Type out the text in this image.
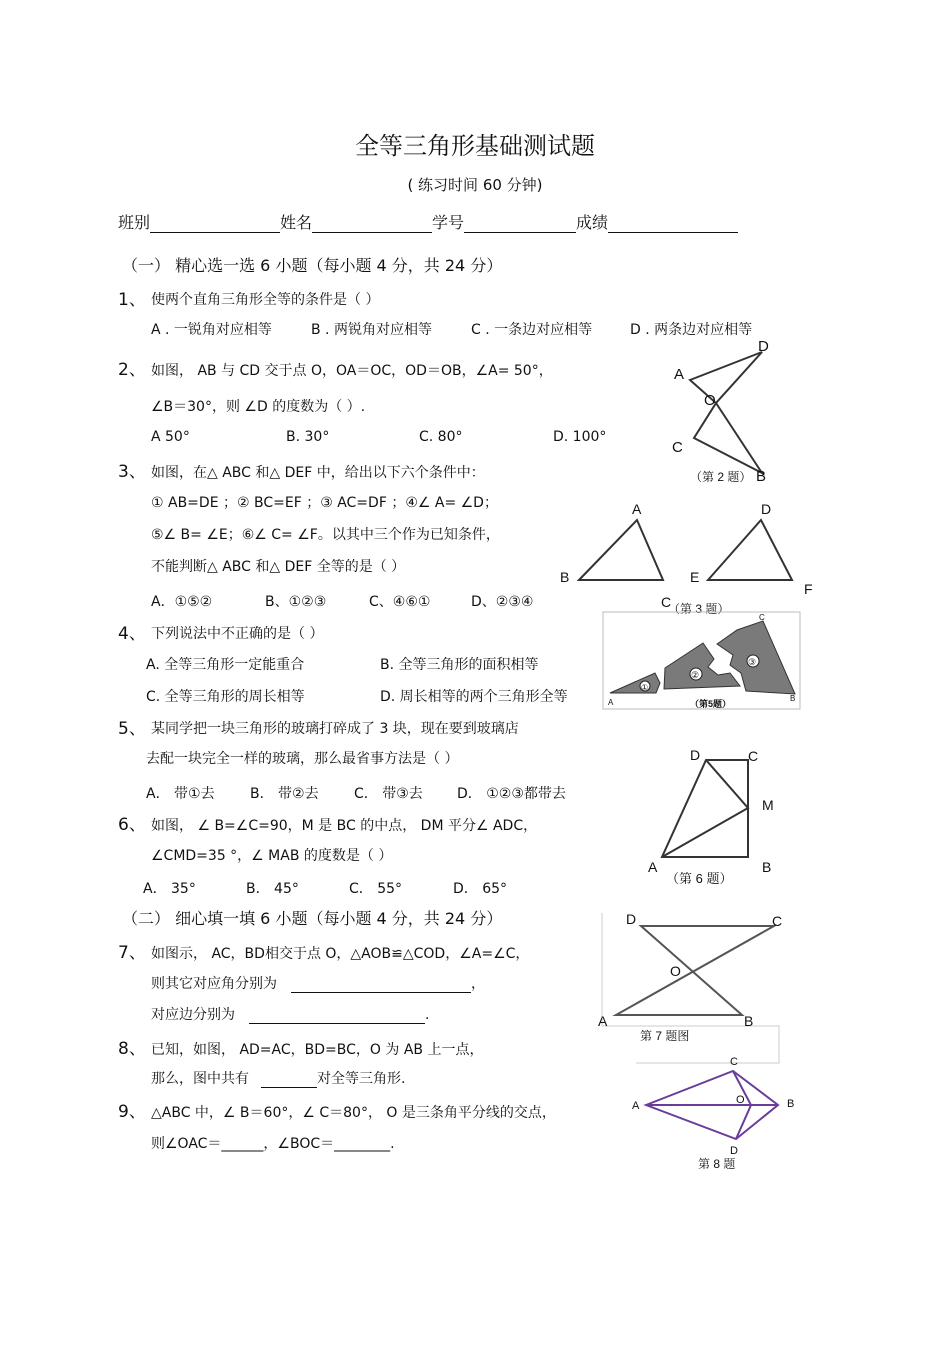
全等三角形基础测试题
( 练习时间 60 分钟)
班别	姓名	学号	成绩
（一） 精心选一选 6 小题（每小题 4 分，共 24 分）
1、 使两个直角三角形全等的条件是（ ）
A . 一锐角对应相等	B . 两锐角对应相等	C . 一条边对应相等	D . 两条边对应相等
2、 如图， AB 与 CD 交于点 O，OA＝OC，OD＝OB，∠A= 50°，
∠B＝30°，则 ∠D 的度数为（ ）.
A 50°	B. 30°	C. 80°	D. 100°
3、 如图，在△ ABC 和△ DEF 中，给出以下六个条件中：
① AB=DE ；② BC=EF ；③ AC=DF ；④∠ A= ∠D；
⑤∠ B= ∠E；⑥∠ C= ∠F。以其中三个作为已知条件，
不能判断△ ABC 和△ DEF 全等的是（ ）
A．①⑤②	B、①②③	C、④⑥①	D、②③④
4、 下列说法中不正确的是（ ）
A. 全等三角形一定能重合	B. 全等三角形的面积相等
C. 全等三角形的周长相等	D. 周长相等的两个三角形全等
5、 某同学把一块三角形的玻璃打碎成了 3 块，现在要到玻璃店
去配一块完全一样的玻璃，那么最省事方法是（ ）
A． 带①去	B． 带②去	C． 带③去 D． ①②③都带去
6、 如图， ∠ B=∠C=90，M 是 BC 的中点， DM 平分∠ ADC，
∠CMD=35 °，∠ MAB 的度数是（ ）
A． 35°	B． 45°	C． 55°	D． 65°
（二） 细心填一填 6 小题（每小题 4 分，共 24 分）
7、 如图示， AC，BD相交于点 O，△AOB≌△COD，∠A=∠C，
则其它对应角分别为	，
对应边分别为	.
8、 已知，如图， AD=AC，BD=BC，O 为 AB 上一点，
那么，图中共有	对全等三角形.
9、 △ABC 中，∠ B＝60°，∠ C＝80°， O 是三条角平分线的交点，
则∠OAC＝______，∠BOC＝________.
A
D
O
C
B
（第 2 题）
A
B
C
D
E
F
（第 3 题）
①
②
③
A
C
B
（第5题）
D	C
M
A	B
（第 6 题）
D	C
O
A	B
第 7 题图
C
A	O	B
D
第 8 题
